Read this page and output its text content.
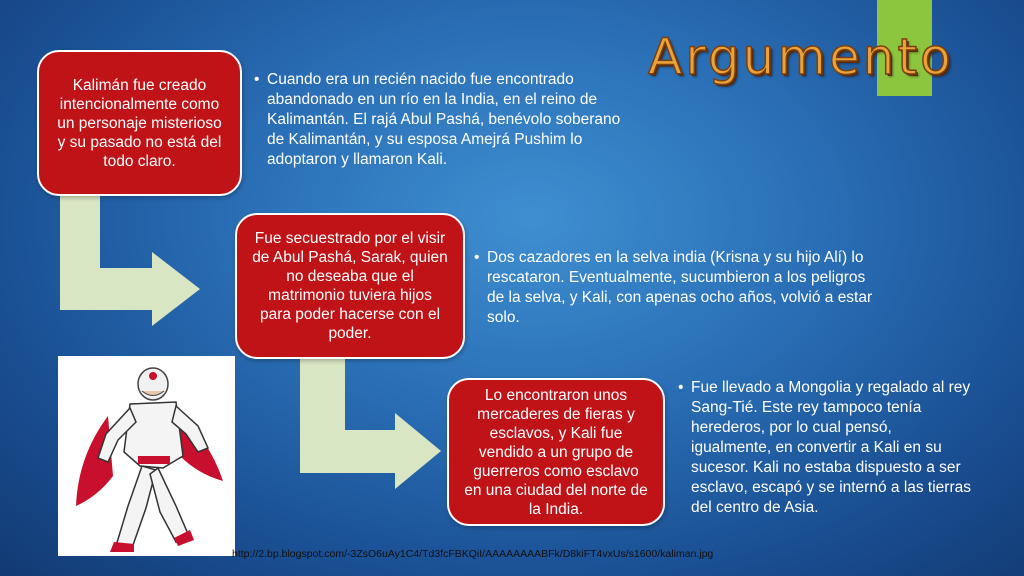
Argumento
Kalimán fue creado intencionalmente como un personaje misterioso y su pasado no está del todo claro.
Fue secuestrado por el visir de Abul Pashá, Sarak, quien no deseaba que el matrimonio tuviera hijos para poder hacerse con el poder.
Lo encontraron unos mercaderes de fieras y esclavos, y Kali fue vendido a un grupo de guerreros como esclavo en una ciudad del norte de la India.
• Cuando era un recién nacido fue encontrado abandonado en un río en la India, en el reino de Kalimantán. El rajá Abul Pashá, benévolo soberano de Kalimantán, y su esposa Amejrá Pushim lo adoptaron y llamaron Kali.
• Dos cazadores en la selva india (Krisna y su hijo Alí) lo rescataron. Eventualmente, sucumbieron a los peligros de la selva, y Kali, con apenas ocho años, volvió a estar solo.
• Fue llevado a Mongolia y regalado al rey Sang-Tié. Este rey tampoco tenía herederos, por lo cual pensó, igualmente, en convertir a Kali en su sucesor. Kali no estaba dispuesto a ser esclavo, escapó y se internó a las tierras del centro de Asia.
http://2.bp.blogspot.com/-3ZsO6uAy1C4/Td3fcFBKQiI/AAAAAAAABFk/D8kiFT4vxUs/s1600/kaliman.jpg
